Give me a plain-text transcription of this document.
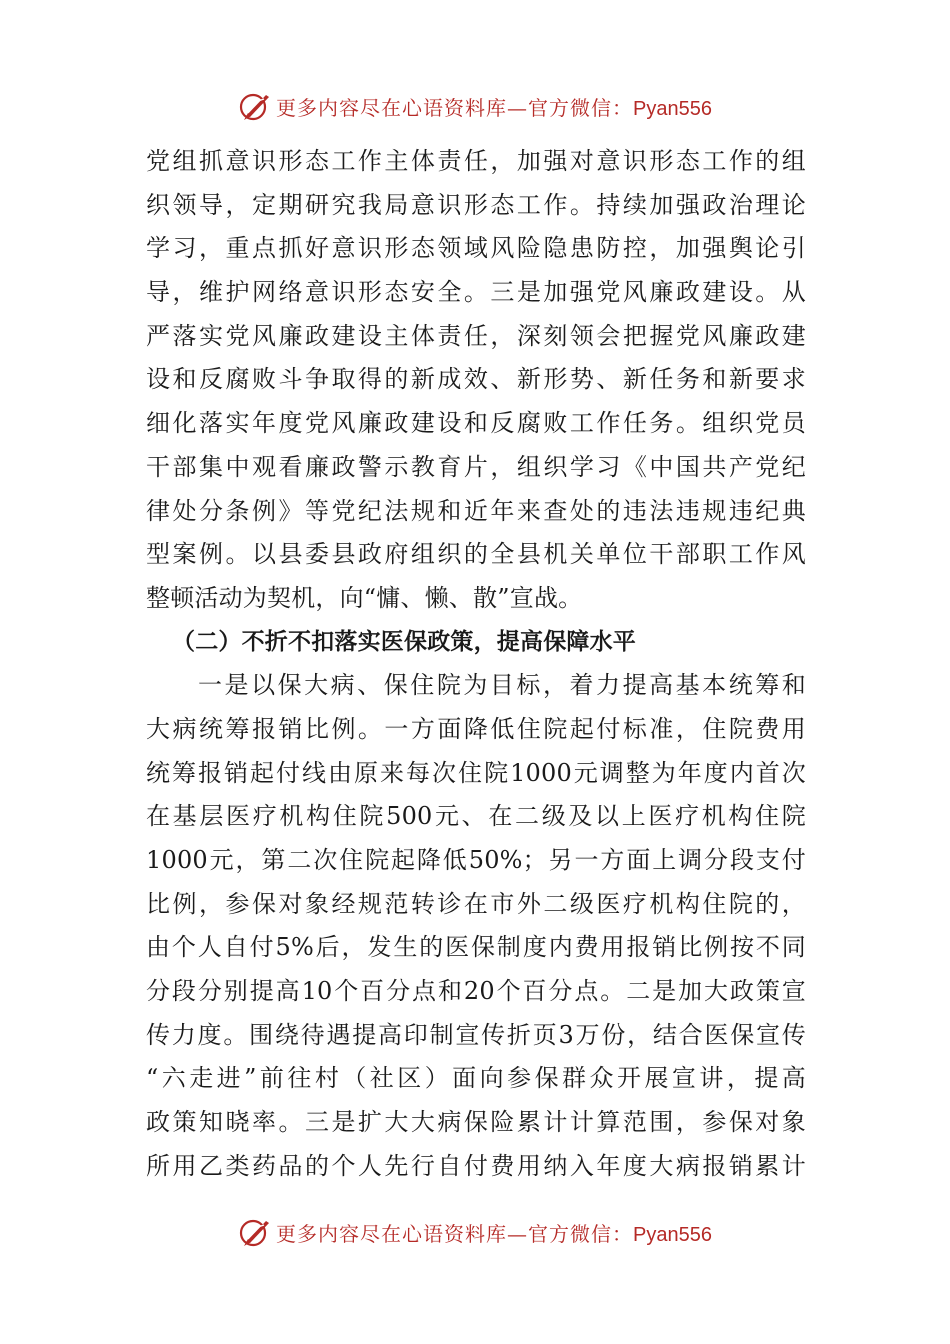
更多内容尽在心语资料库—官方微信：Pyan556
党组抓意识形态工作主体责任，加强对意识形态工作的组
织领导，定期研究我局意识形态工作。持续加强政治理论
学习，重点抓好意识形态领域风险隐患防控，加强舆论引
导，维护网络意识形态安全。三是加强党风廉政建设。从
严落实党风廉政建设主体责任，深刻领会把握党风廉政建
设和反腐败斗争取得的新成效、新形势、新任务和新要求
细化落实年度党风廉政建设和反腐败工作任务。组织党员
干部集中观看廉政警示教育片，组织学习《中国共产党纪
律处分条例》等党纪法规和近年来查处的违法违规违纪典
型案例。以县委县政府组织的全县机关单位干部职工作风
整顿活动为契机，向“慵、懒、散”宣战。
（二）不折不扣落实医保政策，提高保障水平
一是以保大病、保住院为目标，着力提高基本统筹和
大病统筹报销比例。一方面降低住院起付标准，住院费用
统筹报销起付线由原来每次住院1000元调整为年度内首次
在基层医疗机构住院500元、在二级及以上医疗机构住院
1000元，第二次住院起降低50%；另一方面上调分段支付
比例，参保对象经规范转诊在市外二级医疗机构住院的，
由个人自付5%后，发生的医保制度内费用报销比例按不同
分段分别提高10个百分点和20个百分点。二是加大政策宣
传力度。围绕待遇提高印制宣传折页3万份，结合医保宣传
“六走进”前往村（社区）面向参保群众开展宣讲，提高
政策知晓率。三是扩大大病保险累计计算范围，参保对象
所用乙类药品的个人先行自付费用纳入年度大病报销累计
更多内容尽在心语资料库—官方微信：Pyan556
